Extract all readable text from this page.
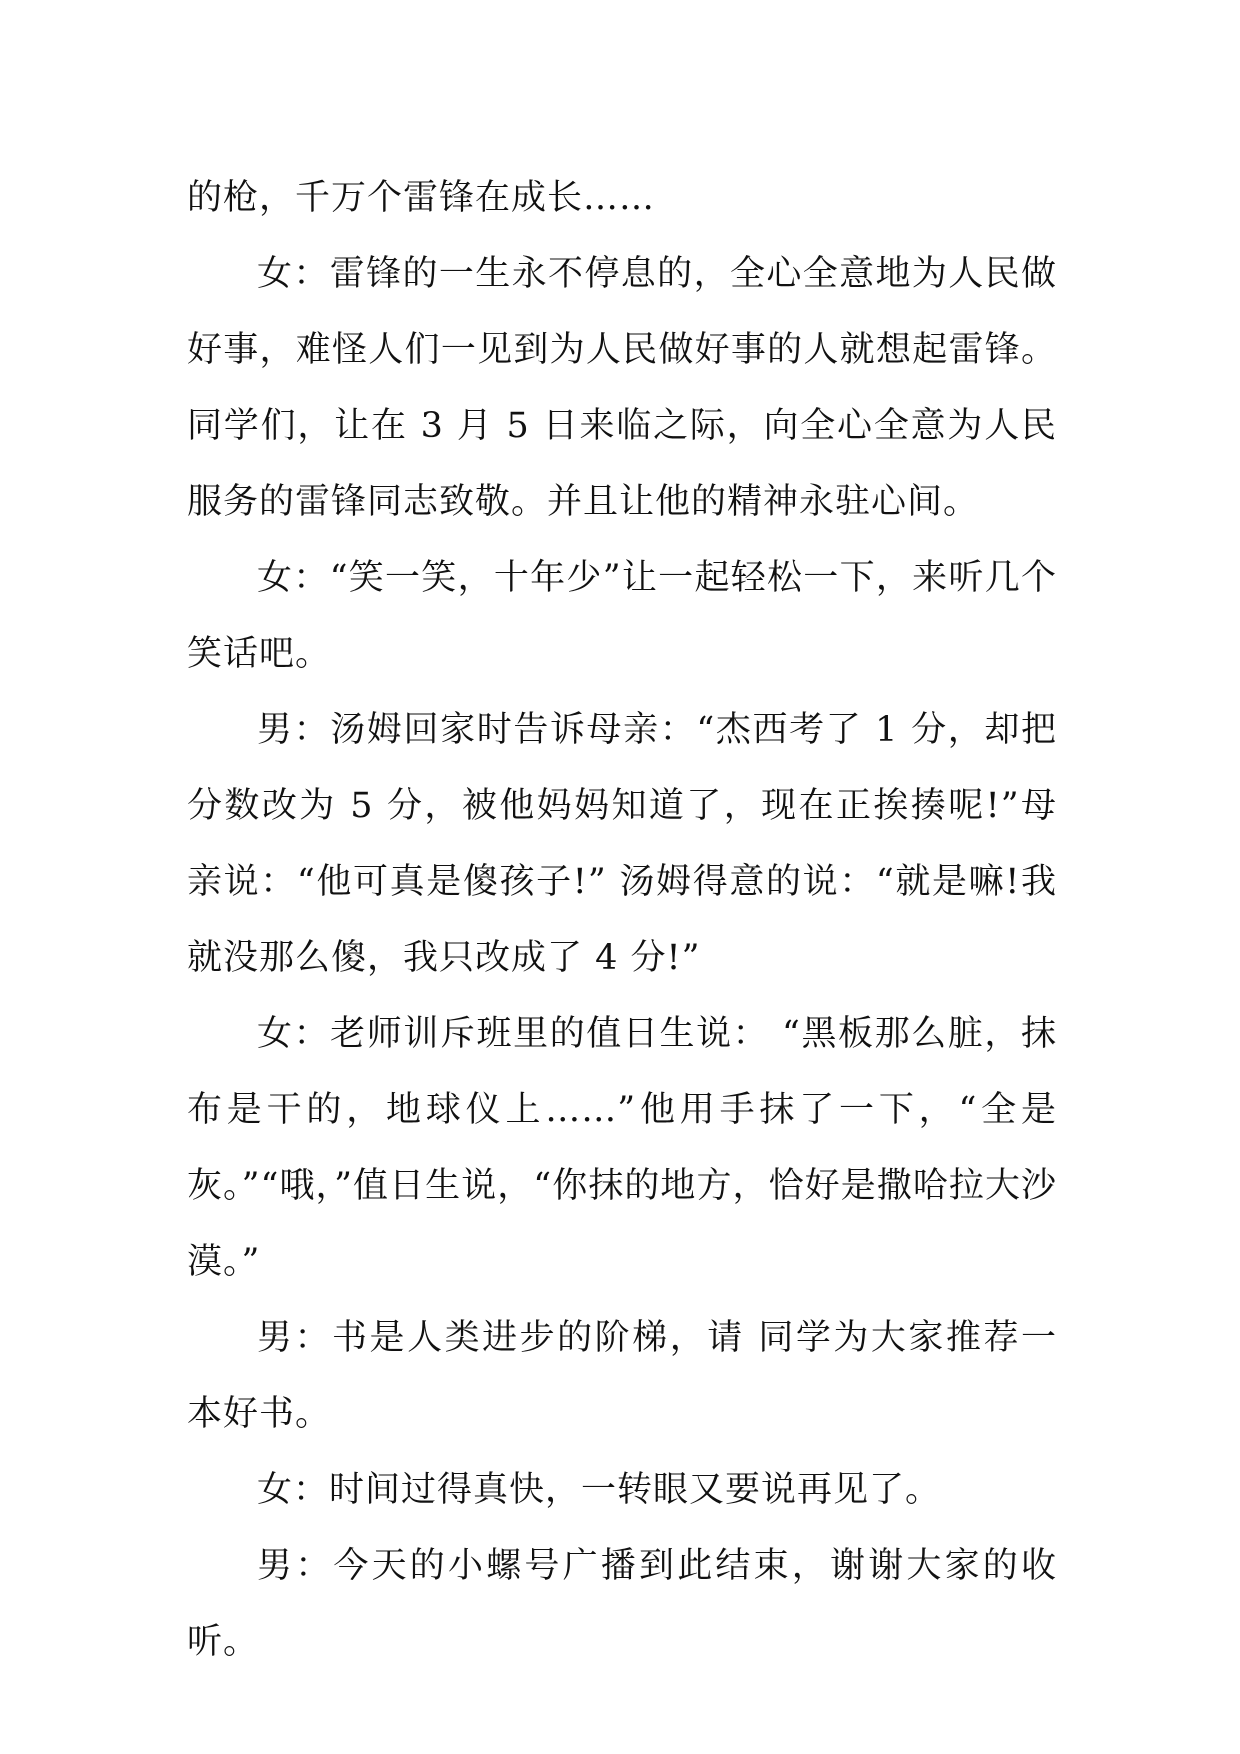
的枪，千万个雷锋在成长……

女：雷锋的一生永不停息的，全心全意地为人民做好事，难怪人们一见到为人民做好事的人就想起雷锋。同学们，让在 3 月 5 日来临之际，向全心全意为人民服务的雷锋同志致敬。并且让他的精神永驻心间。

女：“笑一笑，十年少”让一起轻松一下，来听几个笑话吧。

男：汤姆回家时告诉母亲：“杰西考了 1 分，却把分数改为 5 分，被他妈妈知道了，现在正挨揍呢!”母亲说：“他可真是傻孩子!” 汤姆得意的说：“就是嘛!我就没那么傻，我只改成了 4 分!”

女：老师训斥班里的值日生说： “黑板那么脏，抹布是干的，地球仪上……”他用手抹了一下，“全是灰。”“哦，”值日生说，“你抹的地方，恰好是撒哈拉大沙漠。”

男：书是人类进步的阶梯，请 同学为大家推荐一本好书。

女：时间过得真快，一转眼又要说再见了。

男：今天的小螺号广播到此结束，谢谢大家的收听。
